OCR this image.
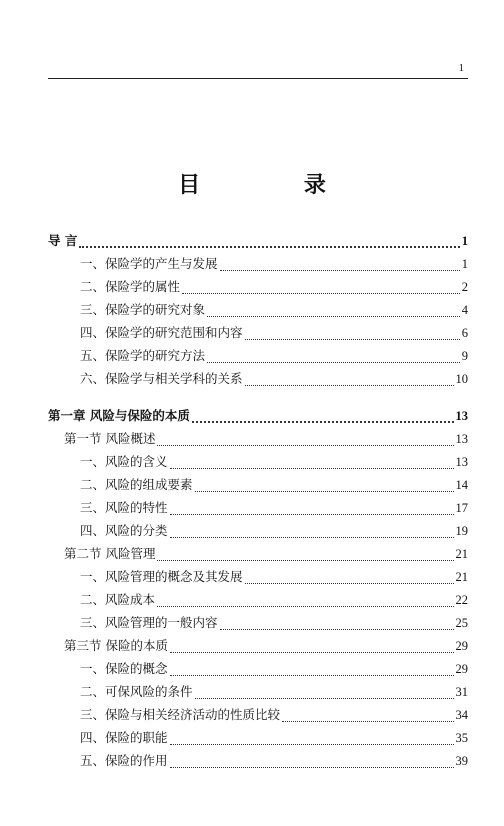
1
目 录
导 言	1
一、保险学的产生与发展	1
二、保险学的属性	2
三、保险学的研究对象	4
四、保险学的研究范围和内容	6
五、保险学的研究方法	9
六、保险学与相关学科的关系	10
第一章 风险与保险的本质	13
第一节 风险概述	13
一、风险的含义	13
二、风险的组成要素	14
三、风险的特性	17
四、风险的分类	19
第二节 风险管理	21
一、风险管理的概念及其发展	21
二、风险成本	22
三、风险管理的一般内容	25
第三节 保险的本质	29
一、保险的概念	29
二、可保风险的条件	31
三、保险与相关经济活动的性质比较	34
四、保险的职能	35
五、保险的作用	39
